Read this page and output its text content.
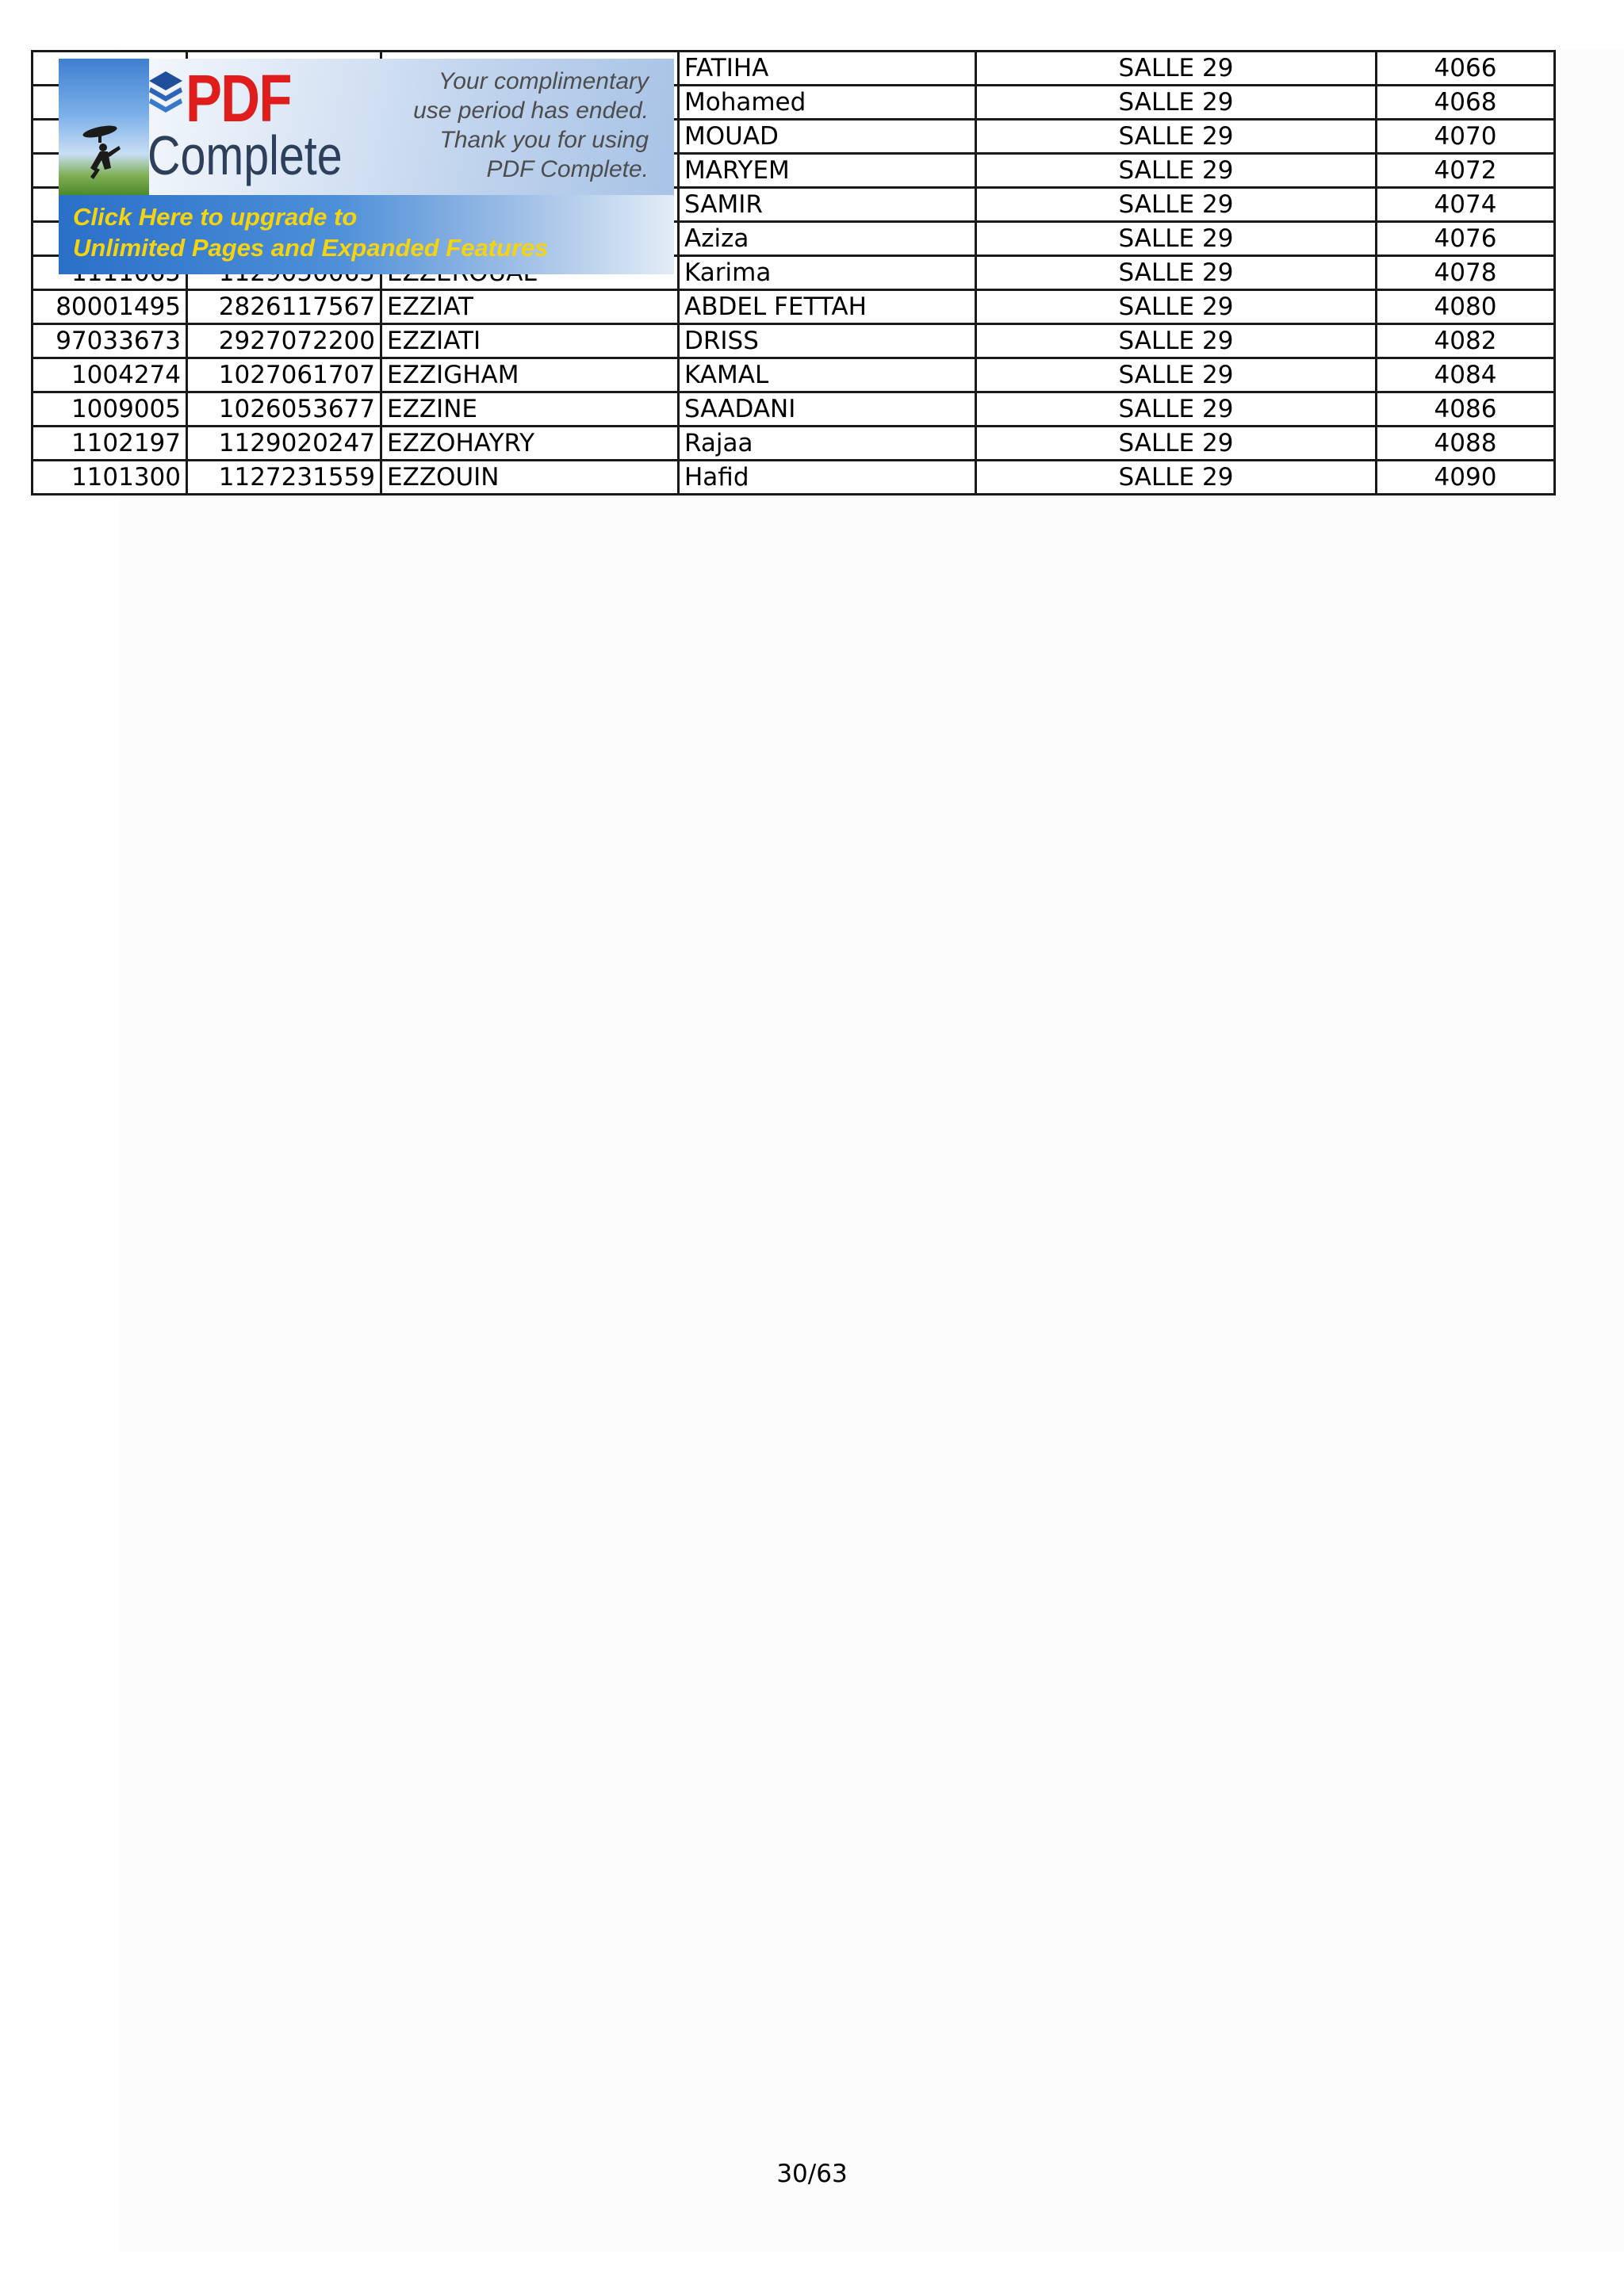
			FATIHA	SALLE 29	4066
			Mohamed	SALLE 29	4068
			MOUAD	SALLE 29	4070
			MARYEM	SALLE 29	4072
			SAMIR	SALLE 29	4074
			Aziza	SALLE 29	4076
			Karima	SALLE 29	4078
80001495	2826117567	EZZIAT	ABDEL FETTAH	SALLE 29	4080
97033673	2927072200	EZZIATI	DRISS	SALLE 29	4082
1004274	1027061707	EZZIGHAM	KAMAL	SALLE 29	4084
1009005	1026053677	EZZINE	SAADANI	SALLE 29	4086
1102197	1129020247	EZZOHAYRY	Rajaa	SALLE 29	4088
1101300	1127231559	EZZOUIN	Hafid	SALLE 29	4090
PDF
Complete
Your complimentary
use period has ended.
Thank you for using
PDF Complete.
Click Here to upgrade to
Unlimited Pages and Expanded Features
30/63
